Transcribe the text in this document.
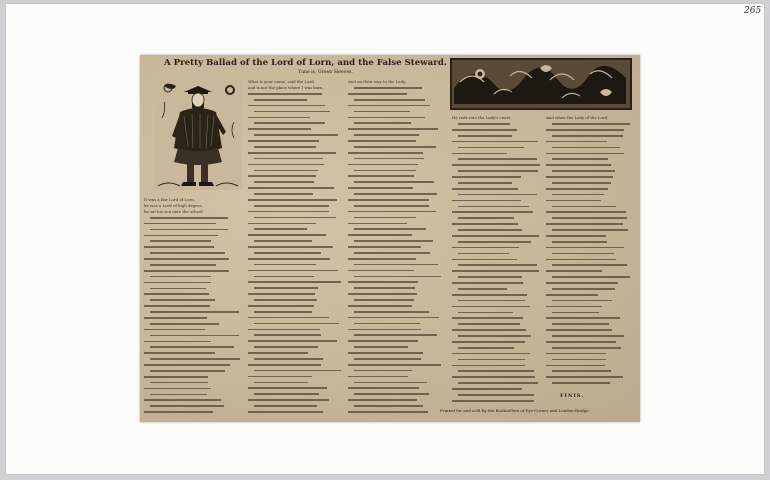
265
A Pretty Ballad of the Lord of Lorn, and the False Steward.
Tune is, Green Sleeves.
It was a fair Lord of Lorn,
he was a Lord of high degree,
he set his son unto the school
What is your name, said the Lord,
and is not the place where I was born,
And on their way to the Lady,
He rode into the Lady's court,	And when the Lady of the Lord,
FINIS.
Printed for and sold by the Booksellers of Pye-Corner and London-Bridge.
